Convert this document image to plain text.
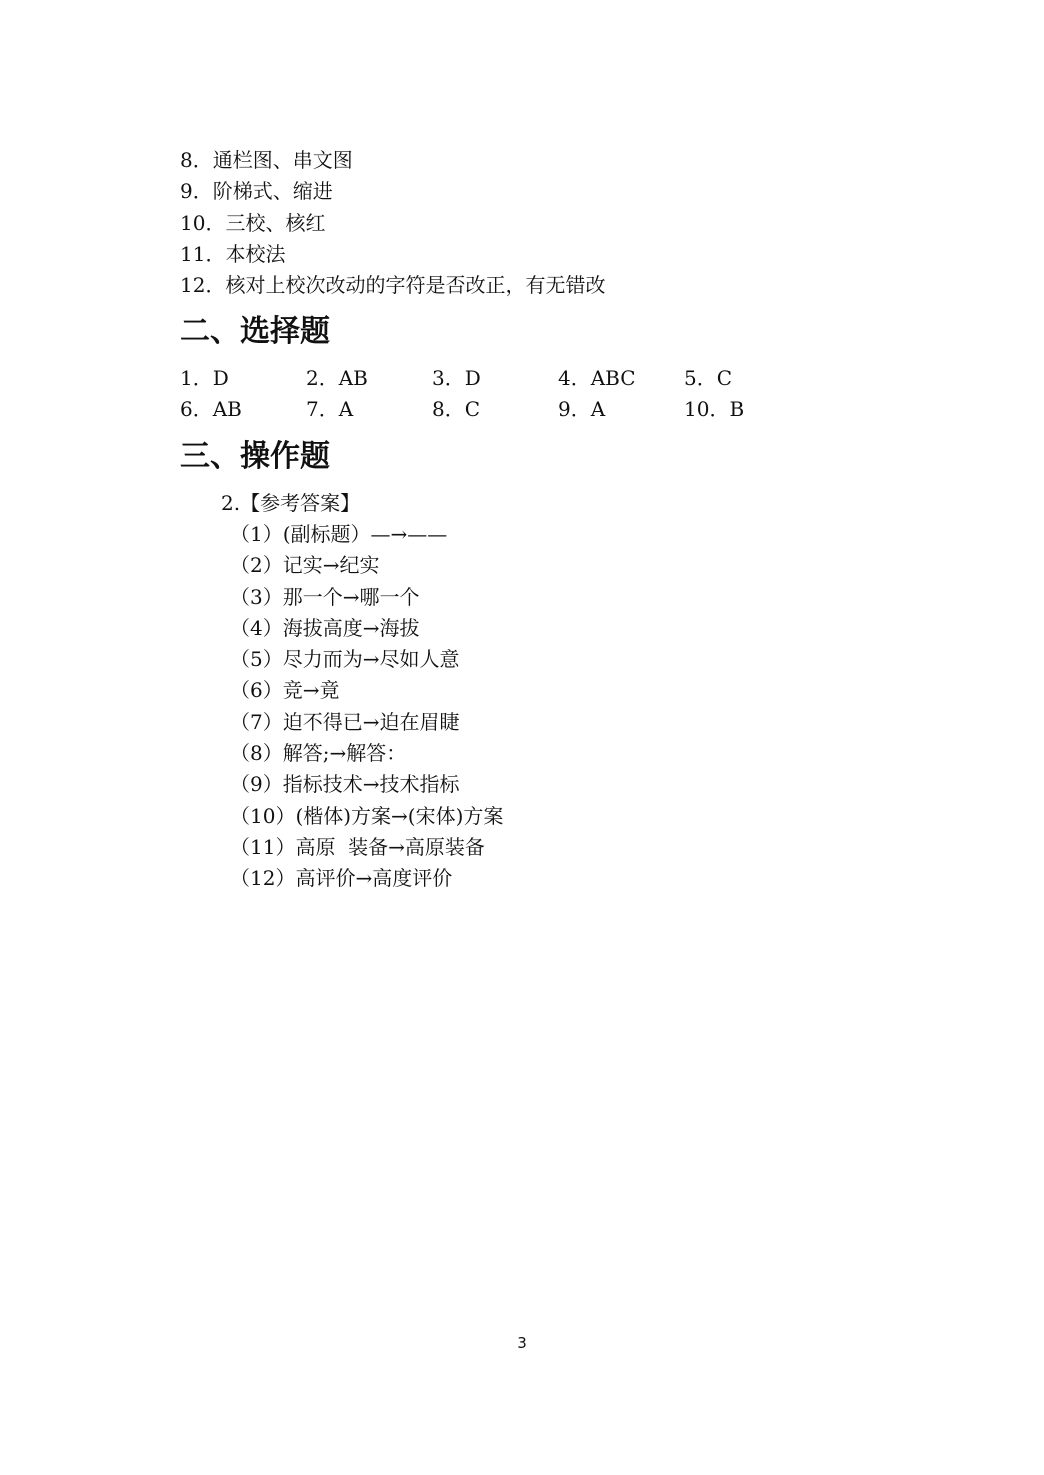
8．通栏图、串文图
9．阶梯式、缩进
10．三校、核红
11．本校法
12．核对上校次改动的字符是否改正，有无错改
二、选择题
1．D	2．AB	3．D	4．ABC	5．C
6．AB	7．A	8．C	9．A	10．B
三、操作题
2.【参考答案】
（1）(副标题）—→——
（2）记实→纪实
（3）那一个→哪一个
（4）海拔高度→海拔
（5）尽力而为→尽如人意
（6）竞→竟
（7）迫不得已→迫在眉睫
（8）解答;→解答：
（9）指标技术→技术指标
（10）(楷体)方案→(宋体)方案
（11）高原  装备→高原装备
（12）高评价→高度评价
3
